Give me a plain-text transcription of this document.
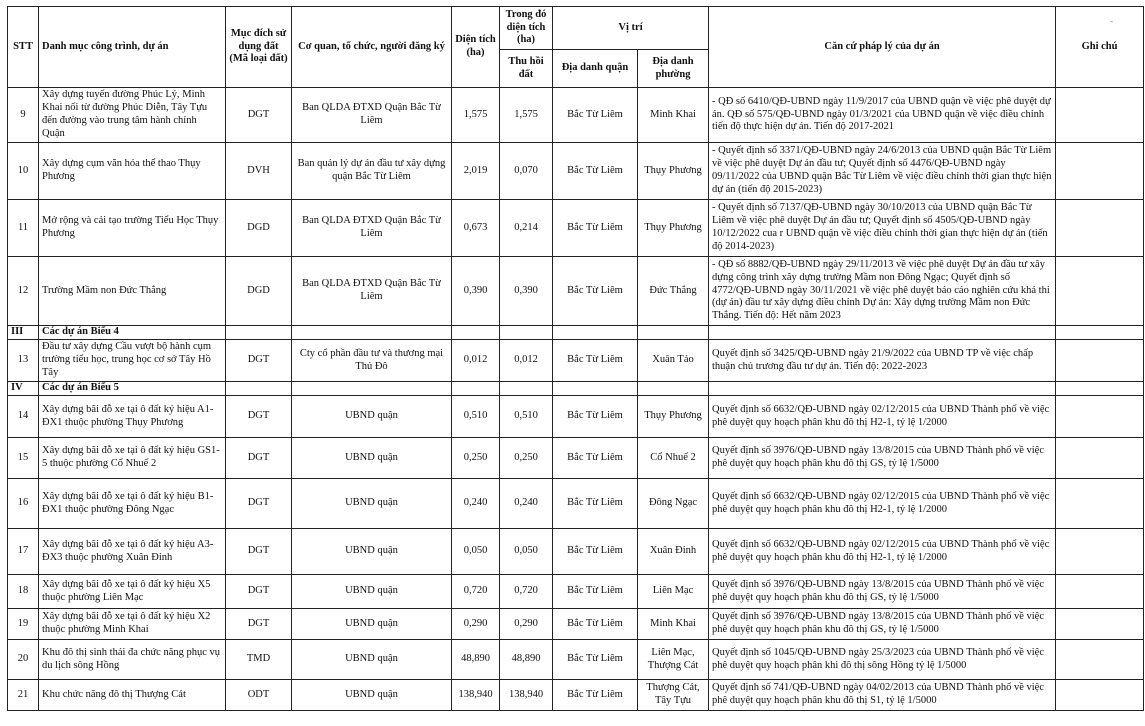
-
STT	Danh mục công trình, dự án	Mục đích sử dụng đất (Mã loại đất)	Cơ quan, tổ chức, người đăng ký	Diện tích (ha)	Trong đó diện tích (ha)	Vị trí		Căn cứ pháp lý của dự án	Ghi chú
					Thu hồi đất	Địa danh quận	Địa danh phường		
9	Xây dựng tuyến đường Phúc Lý, Minh Khai nối từ đường Phúc Diễn, Tây Tựu đến đường vào trung tâm hành chính Quận	DGT	Ban QLDA ĐTXD Quận Bắc Từ Liêm	1,575	1,575	Bắc Từ Liêm	Minh Khai	- QĐ số 6410/QĐ-UBND ngày 11/9/2017 của UBND quận về việc phê duyệt dự án. QĐ số 575/QĐ-UBND ngày 01/3/2021 của UBND quận về việc điều chỉnh tiến độ thực hiện dự án. Tiến độ 2017-2021	
10	Xây dựng cụm văn hóa thể thao Thụy Phương	DVH	Ban quản lý dự án đầu tư xây dựng quận Bắc Từ Liêm	2,019	0,070	Bắc Từ Liêm	Thụy Phương	- Quyết định số 3371/QĐ-UBND ngày 24/6/2013 của UBND quận Bắc Từ Liêm về việc phê duyệt Dự án đầu tư; Quyết định số 4476/QĐ-UBND ngày 09/11/2022 của UBND quận Bắc Từ Liêm về việc điều chỉnh thời gian thực hiện dự án (tiến độ 2015-2023)	
11	Mở rộng và cải tạo trường Tiểu Học Thụy Phương	DGD	Ban QLDA ĐTXD Quận Bắc Từ Liêm	0,673	0,214	Bắc Từ Liêm	Thụy Phương	- Quyết định số 7137/QĐ-UBND ngày 30/10/2013 của UBND quận Bắc Từ Liêm về việc phê duyệt Dự án đầu tư; Quyết định số 4505/QĐ-UBND ngày 10/12/2022 cua r UBND quận về việc điều chỉnh thời gian thực hiện dự án (tiến độ 2014-2023)	
12	Trường Mầm non Đức Thắng	DGD	Ban QLDA ĐTXD Quận Bắc Từ Liêm	0,390	0,390	Bắc Từ Liêm	Đức Thắng	- QĐ số 8882/QĐ-UBND ngày 29/11/2013 về việc phê duyệt Dự án đầu tư xây dựng công trình xây dựng trường Mầm non Đông Ngạc; Quyết định số 4772/QĐ-UBND ngày 30/11/2021 về việc phê duyệt báo cáo nghiên cứu khả thi (dự án) đầu tư xây dựng điều chỉnh Dự án: Xây dựng trường Mầm non Đức Thắng. Tiến độ: Hết năm 2023	
III	Các dự án Biểu 4								
13	Đầu tư xây dựng Cầu vượt bộ hành cụm trường tiểu học, trung học cơ sở Tây Hồ Tây	DGT	Cty cổ phần đầu tư và thương mại Thủ Đô	0,012	0,012	Bắc Từ Liêm	Xuân Tảo	Quyết định số 3425/QĐ-UBND ngày 21/9/2022 của UBND TP về việc chấp thuận chủ trương đầu tư dự án. Tiến độ: 2022-2023	
IV	Các dự án Biểu 5								
14	Xây dựng bãi đỗ xe tại ô đất ký hiệu A1-ĐX1 thuộc phường Thụy Phương	DGT	UBND quận	0,510	0,510	Bắc Từ Liêm	Thụy Phương	Quyết định số 6632/QĐ-UBND ngày 02/12/2015 của UBND Thành phố về việc phê duyệt quy hoạch phân khu đô thị H2-1, tỷ lệ 1/2000	
15	Xây dựng bãi đỗ xe tại ô đất ký hiệu GS1-5 thuộc phường Cổ Nhuế 2	DGT	UBND quận	0,250	0,250	Bắc Từ Liêm	Cổ Nhuế 2	Quyết định số 3976/QĐ-UBND ngày 13/8/2015 của UBND Thành phố về việc phê duyệt quy hoạch phân khu đô thị GS, tỷ lệ 1/5000	
16	Xây dựng bãi đỗ xe tại ô đất ký hiệu B1-ĐX1 thuộc phường Đông Ngạc	DGT	UBND quận	0,240	0,240	Bắc Từ Liêm	Đông Ngạc	Quyết định số 6632/QĐ-UBND ngày 02/12/2015 của UBND Thành phố về việc phê duyệt quy hoạch phân khu đô thị H2-1, tỷ lệ 1/2000	
17	Xây dựng bãi đỗ xe tại ô đất ký hiệu A3-ĐX3 thuộc phường Xuân Đỉnh	DGT	UBND quận	0,050	0,050	Bắc Từ Liêm	Xuân Đỉnh	Quyết định số 6632/QĐ-UBND ngày 02/12/2015 của UBND Thành phố về việc phê duyệt quy hoạch phân khu đô thị H2-1, tỷ lệ 1/2000	
18	Xây dựng bãi đỗ xe tại ô đất ký hiệu X5 thuộc phường Liên Mạc	DGT	UBND quận	0,720	0,720	Bắc Từ Liêm	Liên Mạc	Quyết định số 3976/QĐ-UBND ngày 13/8/2015 của UBND Thành phố về việc phê duyệt quy hoạch phân khu đô thị GS, tỷ lệ 1/5000	
19	Xây dựng bãi đỗ xe tại ô đất ký hiệu X2 thuộc phường Minh Khai	DGT	UBND quận	0,290	0,290	Bắc Từ Liêm	Minh Khai	Quyết định số 3976/QĐ-UBND ngày 13/8/2015 của UBND Thành phố về việc phê duyệt quy hoạch phân khu đô thị GS, tỷ lệ 1/5000	
20	Khu đô thị sinh thái đa chức năng phục vụ du lịch sông Hồng	TMD	UBND quận	48,890	48,890	Bắc Từ Liêm	Liên Mạc, Thượng Cát	Quyết định số 1045/QĐ-UBND ngày 25/3/2023 của UBND Thành phố về việc phê duyệt quy hoạch phân khi đô thị sông Hồng tỷ lệ 1/5000	
21	Khu chức năng đô thị Thượng Cát	ODT	UBND quận	138,940	138,940	Bắc Từ Liêm	Thượng Cát, Tây Tựu	Quyết định số 741/QĐ-UBND ngày 04/02/2013 của UBND Thành phố về việc phê duyệt quy hoạch phân khu đô thị S1, tỷ lệ 1/5000	
